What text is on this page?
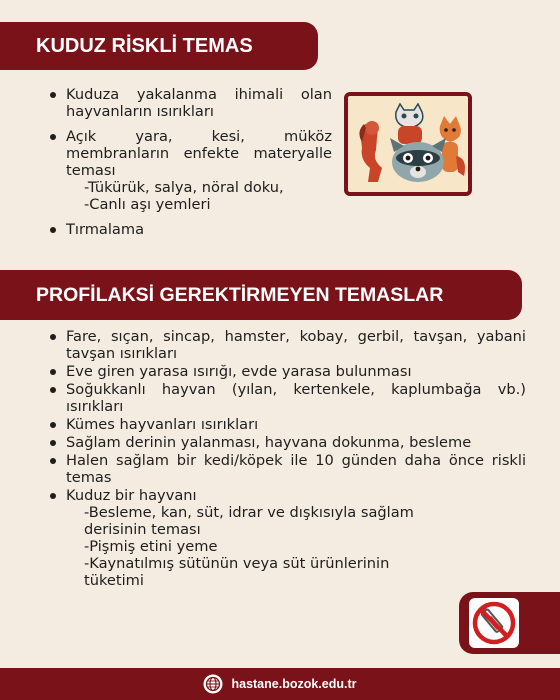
KUDUZ RİSKLİ TEMAS
Kuduza yakalanma ihimali olan hayvanların ısırıkları
Açık yara, kesi, müköz membranların enfekte materyalle teması
-Tükürük, salya, nöral doku,
-Canlı aşı yemleri
Tırmalama
PROFİLAKSİ GEREKTİRMEYEN TEMASLAR
Fare, sıçan, sincap, hamster, kobay, gerbil, tavşan, yabani tavşan ısırıkları
Eve giren yarasa ısırığı, evde yarasa bulunması
Soğukkanlı hayvan (yılan, kertenkele, kaplumbağa vb.) ısırıkları
Kümes hayvanları ısırıkları
Sağlam derinin yalanması, hayvana dokunma, besleme
Halen sağlam bir kedi/köpek ile 10 günden daha önce riskli temas
Kuduz bir hayvanı
-Besleme, kan, süt, idrar ve dışkısıyla sağlam derisinin teması
-Pişmiş etini yeme
-Kaynatılmış sütünün veya süt ürünlerinin tüketimi
hastane.bozok.edu.tr
